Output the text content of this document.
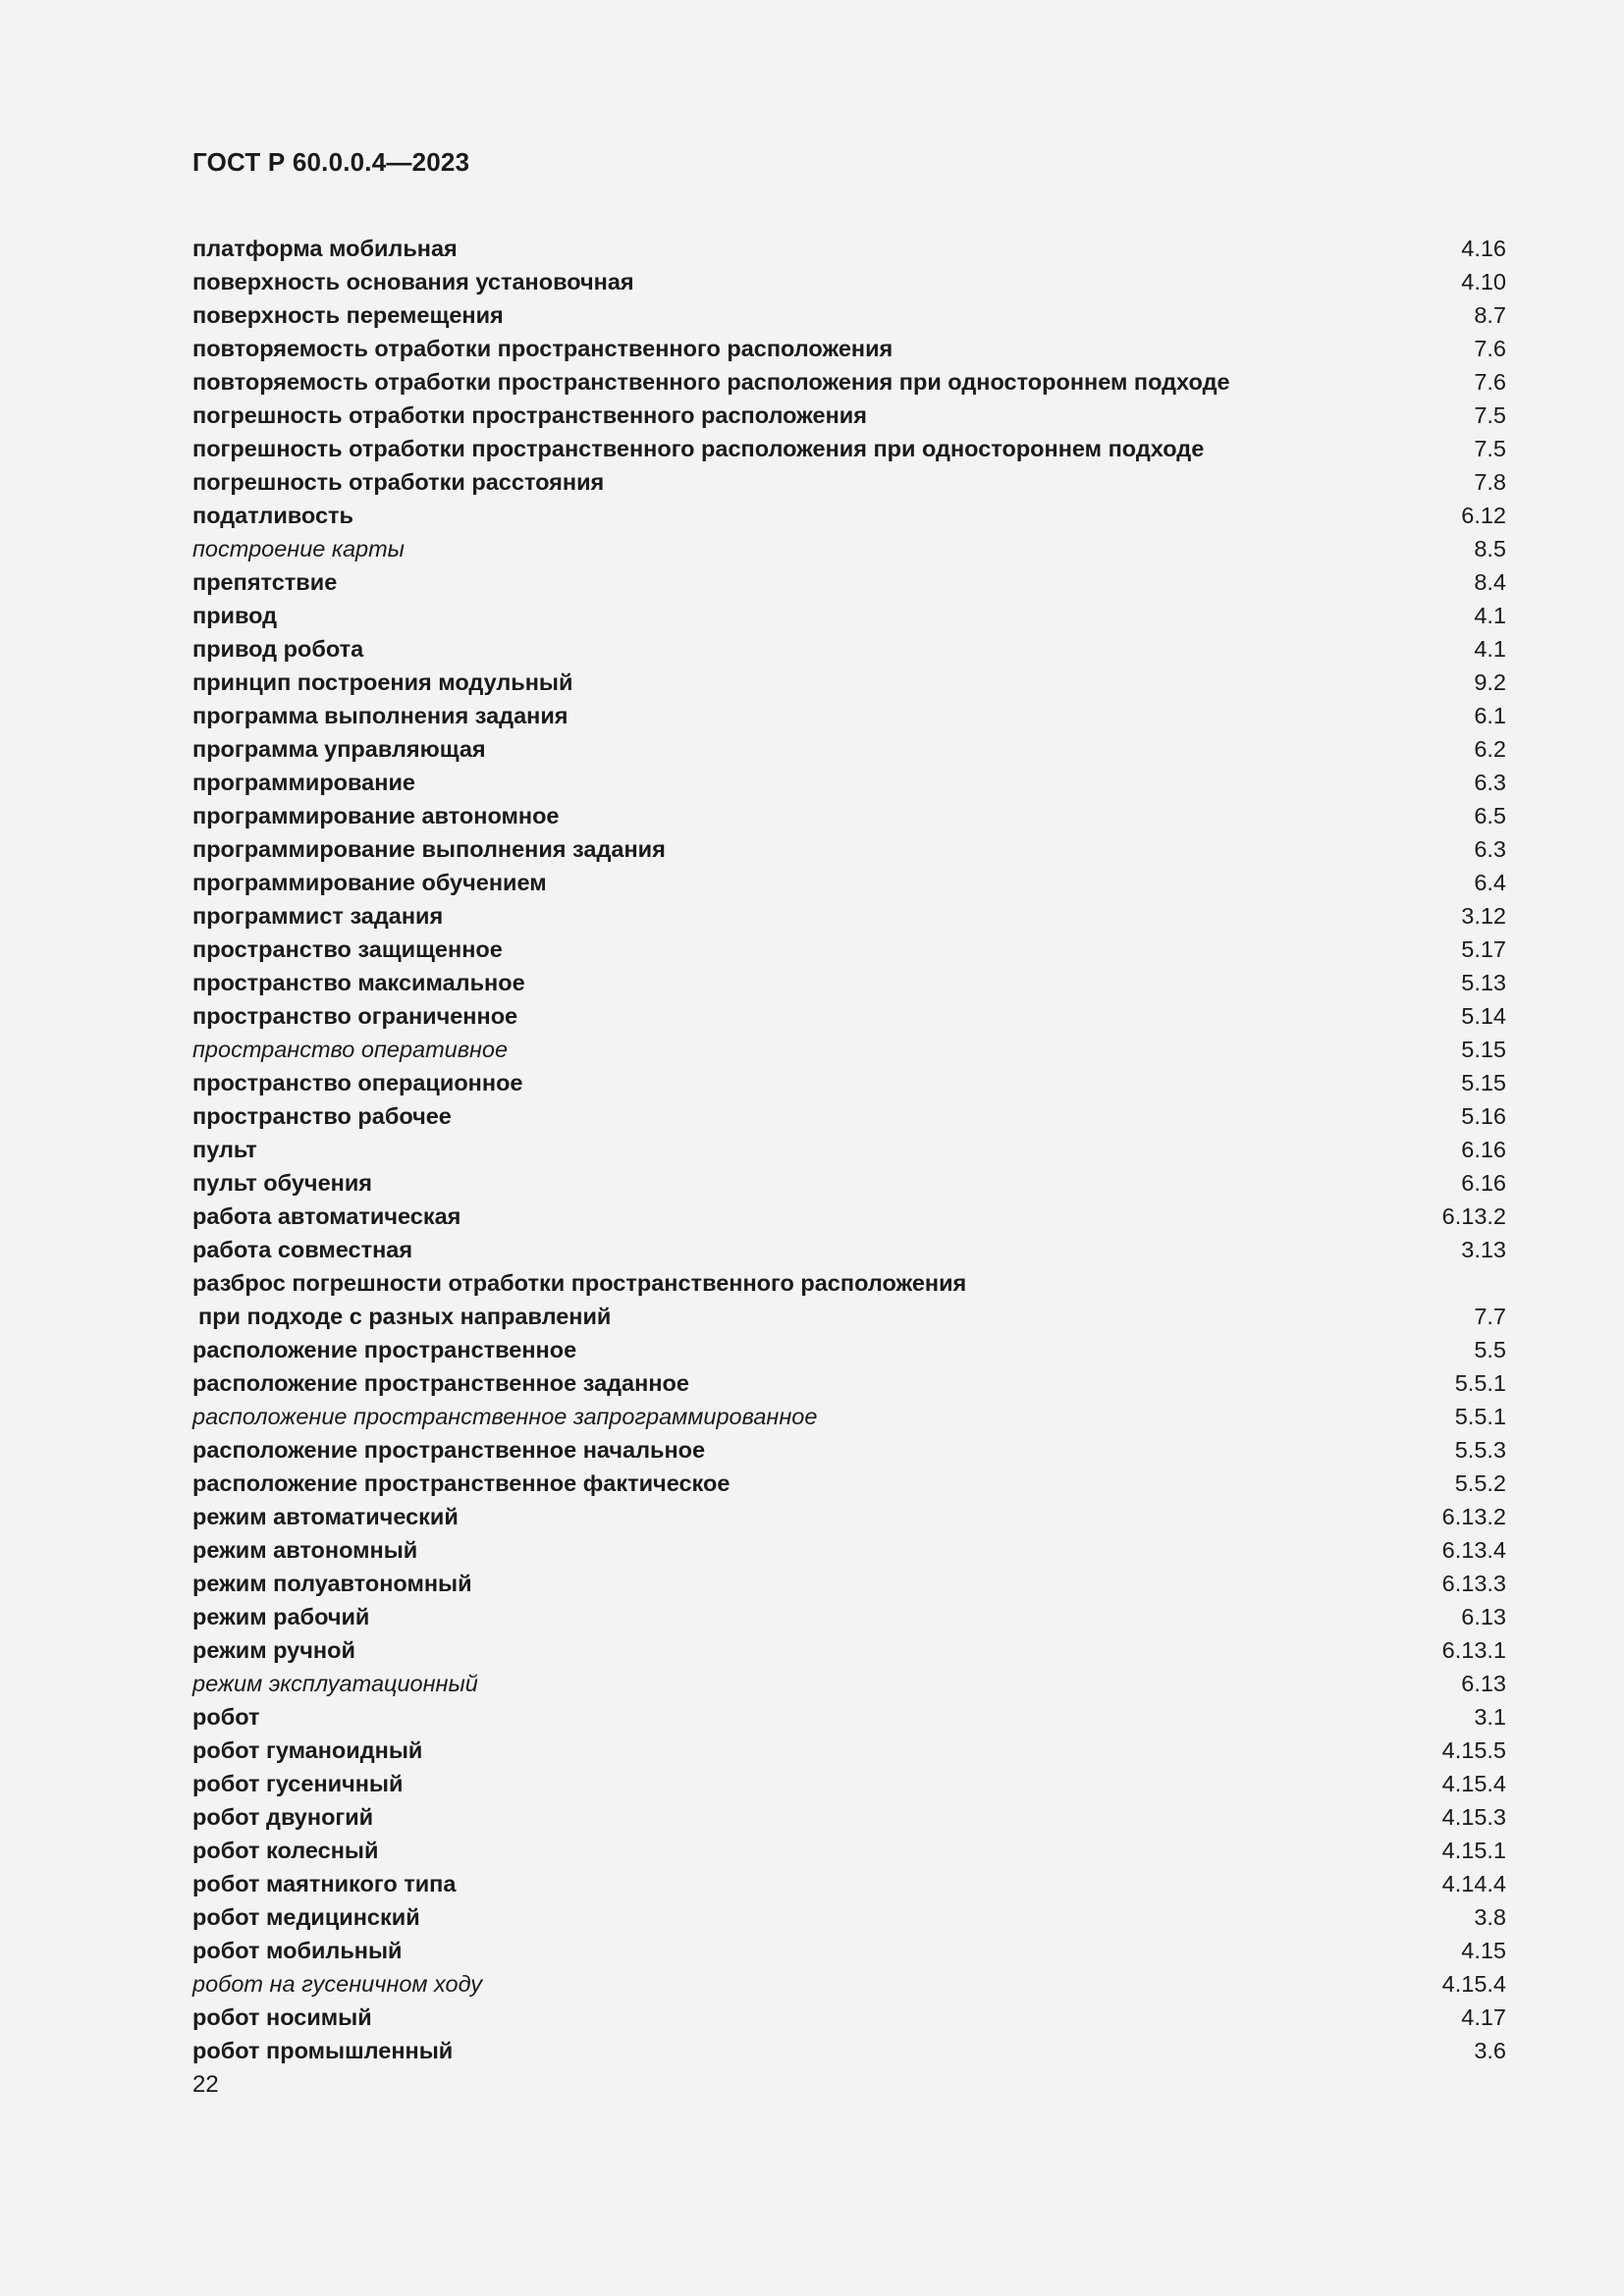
ГОСТ Р 60.0.0.4—2023
платформа мобильная	4.16
поверхность основания установочная	4.10
поверхность перемещения	8.7
повторяемость отработки пространственного расположения	7.6
повторяемость отработки пространственного расположения при одностороннем подходе	7.6
погрешность отработки пространственного расположения	7.5
погрешность отработки пространственного расположения при одностороннем подходе	7.5
погрешность отработки расстояния	7.8
податливость	6.12
построение карты	8.5
препятствие	8.4
привод	4.1
привод робота	4.1
принцип построения модульный	9.2
программа выполнения задания	6.1
программа управляющая	6.2
программирование	6.3
программирование автономное	6.5
программирование выполнения задания	6.3
программирование обучением	6.4
программист задания	3.12
пространство защищенное	5.17
пространство максимальное	5.13
пространство ограниченное	5.14
пространство оперативное	5.15
пространство операционное	5.15
пространство рабочее	5.16
пульт	6.16
пульт обучения	6.16
работа автоматическая	6.13.2
работа совместная	3.13
разброс погрешности отработки пространственного расположения
при подходе с разных направлений	7.7
расположение пространственное	5.5
расположение пространственное заданное	5.5.1
расположение пространственное запрограммированное	5.5.1
расположение пространственное начальное	5.5.3
расположение пространственное фактическое	5.5.2
режим автоматический	6.13.2
режим автономный	6.13.4
режим полуавтономный	6.13.3
режим рабочий	6.13
режим ручной	6.13.1
режим эксплуатационный	6.13
робот	3.1
робот гуманоидный	4.15.5
робот гусеничный	4.15.4
робот двуногий	4.15.3
робот колесный	4.15.1
робот маятникого типа	4.14.4
робот медицинский	3.8
робот мобильный	4.15
робот на гусеничном ходу	4.15.4
робот носимый	4.17
робот промышленный	3.6
22
